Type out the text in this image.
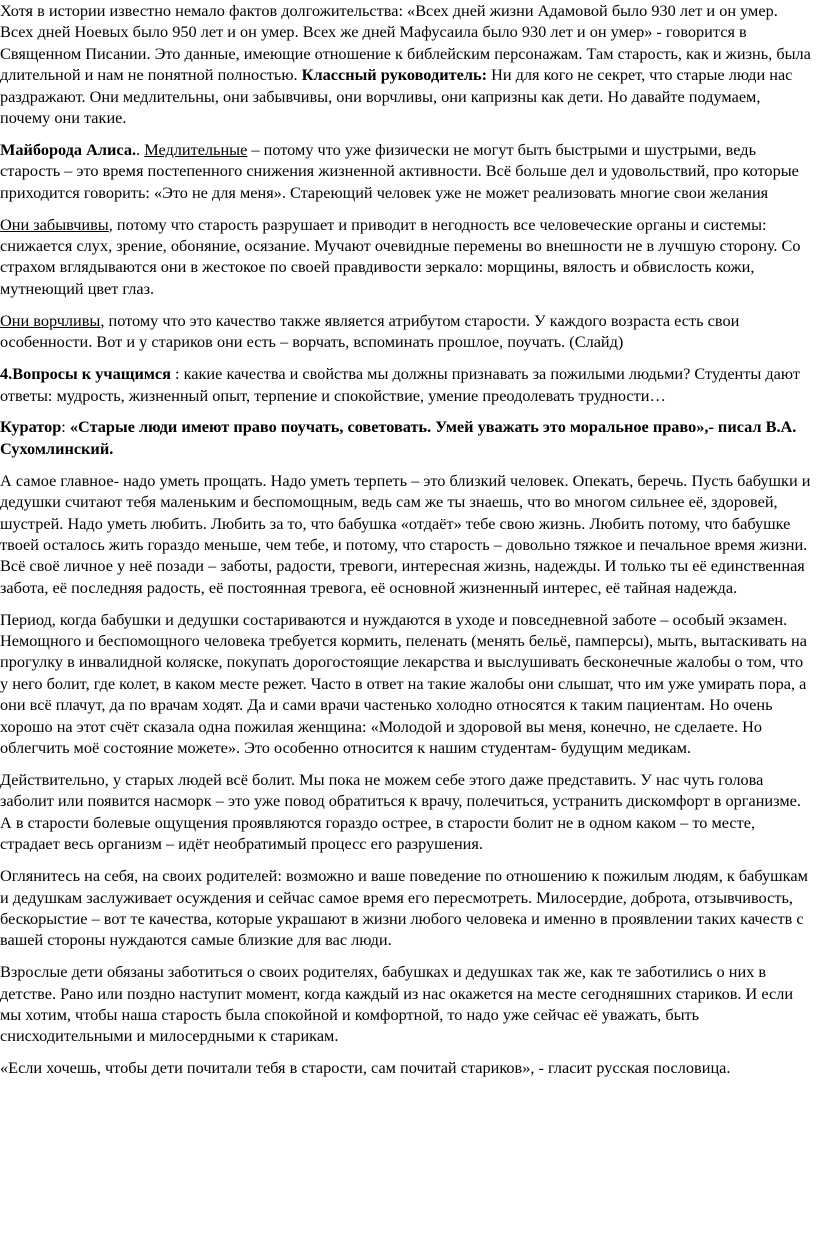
Хотя в истории известно немало фактов долгожительства: «Всех дней жизни Адамовой было 930 лет и он умер. Всех дней Ноевых было 950 лет и он умер. Всех же дней Мафусаила было 930 лет и он умер» - говорится в Священном Писании. Это данные, имеющие отношение к библейским персонажам. Там старость, как и жизнь, была длительной и нам не понятной полностью. Классный руководитель: Ни для кого не секрет, что старые люди нас раздражают. Они медлительны, они забывчивы, они ворчливы, они капризны как дети. Но давайте подумаем, почему они такие.

Майборода Алиса.. Медлительные – потому что уже физически не могут быть быстрыми и шустрыми, ведь старость – это время постепенного снижения жизненной активности. Всё больше дел и удовольствий, про которые приходится говорить: «Это не для меня». Стареющий человек уже не может реализовать многие свои желания

Они забывчивы, потому что старость разрушает и приводит в негодность все человеческие органы и системы: снижается слух, зрение, обоняние, осязание. Мучают очевидные перемены во внешности не в лучшую сторону. Со страхом вглядываются они в жестокое по своей правдивости зеркало: морщины, вялость и обвислость кожи, мутнеющий цвет глаз.

Они ворчливы, потому что это качество также является атрибутом старости. У каждого возраста есть свои особенности. Вот и у стариков они есть – ворчать, вспоминать прошлое, поучать. (Слайд)

4.Вопросы к учащимся : какие качества и свойства мы должны признавать за пожилыми людьми? Студенты дают ответы: мудрость, жизненный опыт, терпение и спокойствие, умение преодолевать трудности…

Куратор: «Старые люди имеют право поучать, советовать. Умей уважать это моральное право»,- писал В.А. Сухомлинский.

А самое главное- надо уметь прощать. Надо уметь терпеть – это близкий человек. Опекать, беречь. Пусть бабушки и дедушки считают тебя маленьким и беспомощным, ведь сам же ты знаешь, что во многом сильнее её, здоровей, шустрей. Надо уметь любить. Любить за то, что бабушка «отдаёт» тебе свою жизнь. Любить потому, что бабушке твоей осталось жить гораздо меньше, чем тебе, и потому, что старость – довольно тяжкое и печальное время жизни. Всё своё личное у неё позади – заботы, радости, тревоги, интересная жизнь, надежды. И только ты её единственная забота, её последняя радость, её постоянная тревога, её основной жизненный интерес, её тайная надежда.

Период, когда бабушки и дедушки состариваются и нуждаются в уходе и повседневной заботе – особый экзамен. Немощного и беспомощного человека требуется кормить, пеленать (менять бельё, памперсы), мыть, вытаскивать на прогулку в инвалидной коляске, покупать дорогостоящие лекарства и выслушивать бесконечные жалобы о том, что у него болит, где колет, в каком месте режет. Часто в ответ на такие жалобы они слышат, что им уже умирать пора, а они всё плачут, да по врачам ходят. Да и сами врачи частенько холодно относятся к таким пациентам. Но очень хорошо на этот счёт сказала одна пожилая женщина: «Молодой и здоровой вы меня, конечно, не сделаете. Но облегчить моё состояние можете». Это особенно относится к нашим студентам- будущим медикам.

Действительно, у старых людей всё болит. Мы пока не можем себе этого даже представить. У нас чуть голова заболит или появится насморк – это уже повод обратиться к врачу, полечиться, устранить дискомфорт в организме. А в старости болевые ощущения проявляются гораздо острее, в старости болит не в одном каком – то месте, страдает весь организм – идёт необратимый процесс его разрушения.

Оглянитесь на себя, на своих родителей: возможно и ваше поведение по отношению к пожилым людям, к бабушкам и дедушкам заслуживает осуждения и сейчас самое время его пересмотреть. Милосердие, доброта, отзывчивость, бескорыстие – вот те качества, которые украшают в жизни любого человека и именно в проявлении таких качеств с вашей стороны нуждаются самые близкие для вас люди.

Взрослые дети обязаны заботиться о своих родителях, бабушках и дедушках так же, как те заботились о них в детстве. Рано или поздно наступит момент, когда каждый из нас окажется на месте сегодняшних стариков. И если мы хотим, чтобы наша старость была спокойной и комфортной, то надо уже сейчас её уважать, быть снисходительными и милосердными к старикам.

«Если хочешь, чтобы дети почитали тебя в старости, сам почитай стариков», - гласит русская пословица.
